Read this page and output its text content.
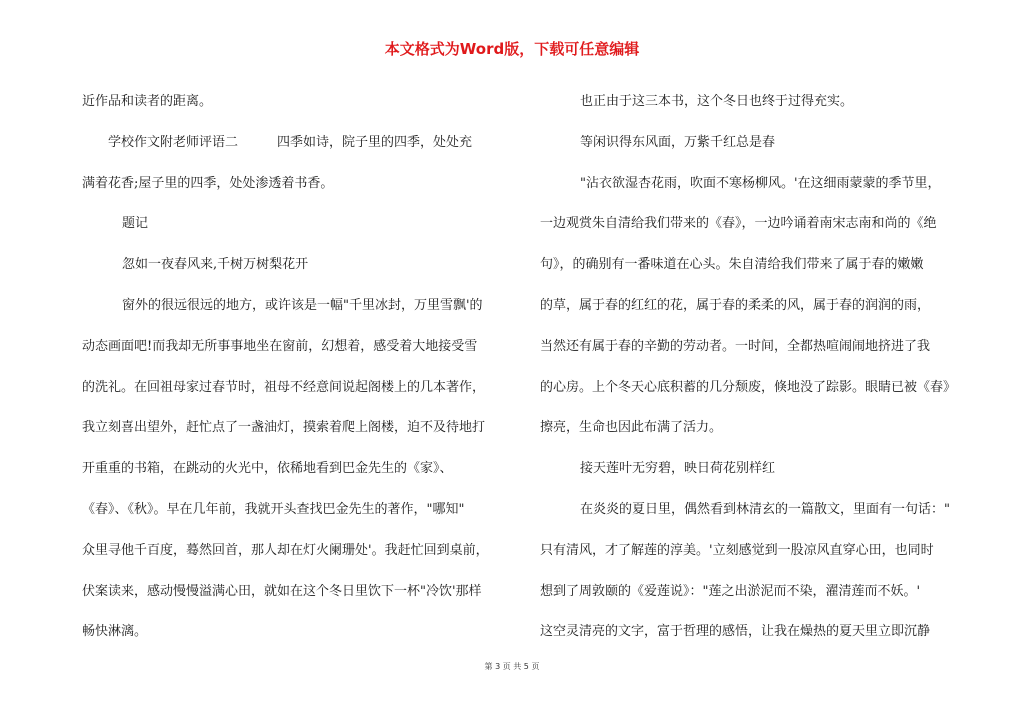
本文格式为Word版，下载可任意编辑

近作品和读者的距离。

学校作文附老师评语二　　　四季如诗，院子里的四季，处处充

满着花香;屋子里的四季，处处渗透着书香。

题记

忽如一夜春风来,千树万树梨花开

窗外的很远很远的地方，或许该是一幅"千里冰封，万里雪飘'的

动态画面吧!而我却无所事事地坐在窗前，幻想着，感受着大地接受雪

的洗礼。在回祖母家过春节时，祖母不经意间说起阁楼上的几本著作，

我立刻喜出望外，赶忙点了一盏油灯，摸索着爬上阁楼，迫不及待地打

开重重的书箱，在跳动的火光中，依稀地看到巴金先生的《家》、

《春》、《秋》。早在几年前，我就开头查找巴金先生的著作，"哪知"

众里寻他千百度，蓦然回首，那人却在灯火阑珊处'。我赶忙回到桌前，

伏案读来，感动慢慢溢满心田，就如在这个冬日里饮下一杯"冷饮'那样

畅快淋漓。

也正由于这三本书，这个冬日也终于过得充实。

等闲识得东风面，万紫千红总是春

"沾衣欲湿杏花雨，吹面不寒杨柳风。'在这细雨蒙蒙的季节里，

一边观赏朱自清给我们带来的《春》，一边吟诵着南宋志南和尚的《绝

句》，的确别有一番味道在心头。朱自清给我们带来了属于春的嫩嫩

的草，属于春的红红的花，属于春的柔柔的风，属于春的润润的雨，

当然还有属于春的辛勤的劳动者。一时间，全都热喧闹闹地挤进了我

的心房。上个冬天心底积蓄的几分颓废，倏地没了踪影。眼睛已被《春》

擦亮，生命也因此布满了活力。

接天莲叶无穷碧，映日荷花别样红

在炎炎的夏日里，偶然看到林清玄的一篇散文，里面有一句话："

只有清风，才了解莲的淳美。'立刻感觉到一股凉风直穿心田，也同时

想到了周敦颐的《爱莲说》："莲之出淤泥而不染，濯清莲而不妖。'

这空灵清亮的文字，富于哲理的感悟，让我在燥热的夏天里立即沉静

第 3 页 共 5 页
